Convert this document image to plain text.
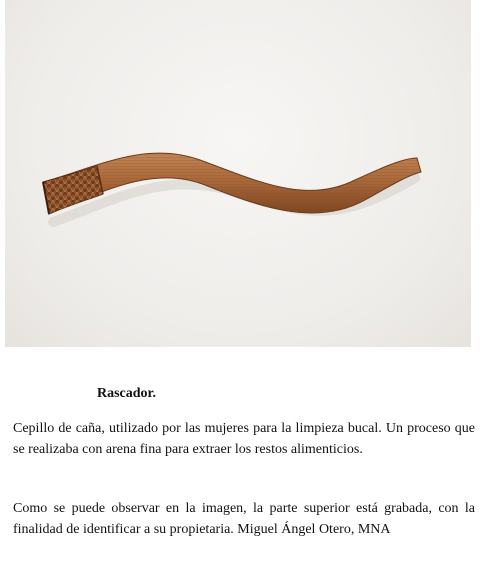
Rascador.
Cepillo de caña, utilizado por las mujeres para la limpieza bucal. Un proceso que se realizaba con arena fina para extraer los restos alimenticios.
Como se puede observar en la imagen, la parte superior está grabada, con la finalidad de identificar a su propietaria. Miguel Ángel Otero, MNA
